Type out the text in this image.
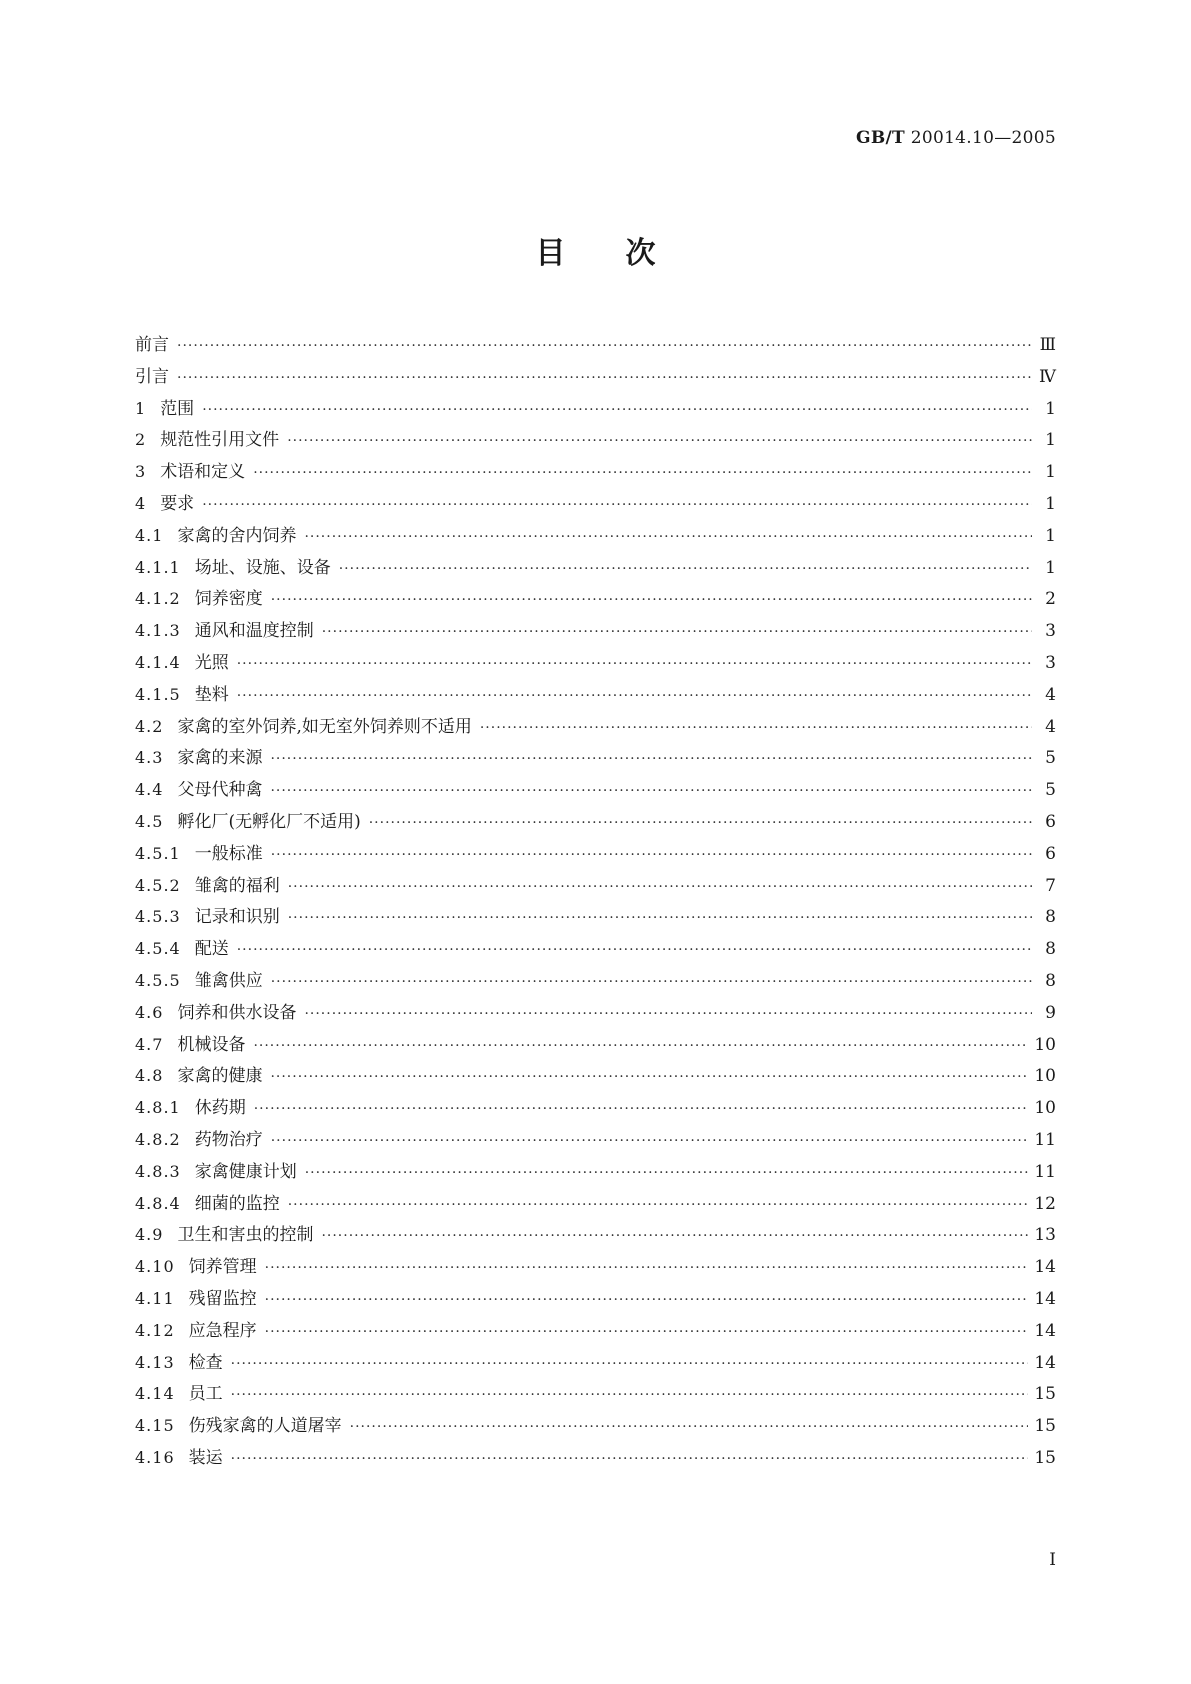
GB/T 20014.10—2005
目次
前言 ·····	Ⅲ
引言 ·····	Ⅳ
1 范围 ·····	1
2 规范性引用文件 ·····	1
3 术语和定义 ·····	1
4 要求 ·····	1
4.1 家禽的舍内饲养 ·····	1
4.1.1 场址、设施、设备 ·····	1
4.1.2 饲养密度 ·····	2
4.1.3 通风和温度控制 ·····	3
4.1.4 光照 ·····	3
4.1.5 垫料 ·····	4
4.2 家禽的室外饲养,如无室外饲养则不适用 ·····	4
4.3 家禽的来源 ·····	5
4.4 父母代种禽 ·····	5
4.5 孵化厂(无孵化厂不适用) ·····	6
4.5.1 一般标准 ·····	6
4.5.2 雏禽的福利 ·····	7
4.5.3 记录和识别 ·····	8
4.5.4 配送 ·····	8
4.5.5 雏禽供应 ·····	8
4.6 饲养和供水设备 ·····	9
4.7 机械设备 ·····	10
4.8 家禽的健康 ·····	10
4.8.1 休药期 ·····	10
4.8.2 药物治疗 ·····	11
4.8.3 家禽健康计划 ·····	11
4.8.4 细菌的监控 ·····	12
4.9 卫生和害虫的控制 ·····	13
4.10 饲养管理 ·····	14
4.11 残留监控 ·····	14
4.12 应急程序 ·····	14
4.13 检查 ·····	14
4.14 员工 ·····	15
4.15 伤残家禽的人道屠宰 ·····	15
4.16 装运 ·····	15
I
